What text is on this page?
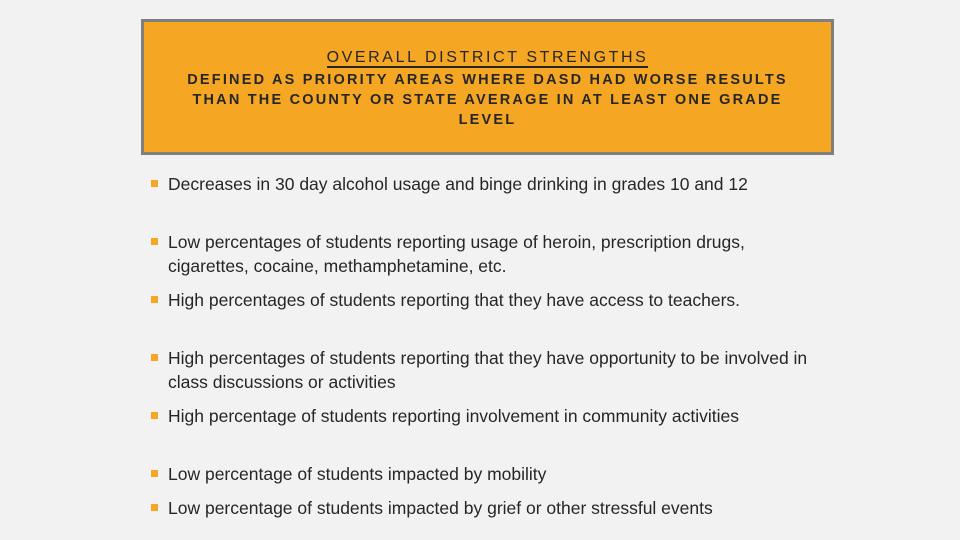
OVERALL DISTRICT STRENGTHS
DEFINED AS PRIORITY AREAS WHERE DASD HAD WORSE RESULTS THAN THE COUNTY OR STATE AVERAGE IN AT LEAST ONE GRADE LEVEL
Decreases in 30 day alcohol usage and binge drinking in grades 10 and 12
Low percentages of students reporting usage of heroin, prescription drugs, cigarettes, cocaine, methamphetamine, etc.
High percentages of students reporting that they have access to teachers.
High percentages of students reporting that they have opportunity to be involved in class discussions or activities
High percentage of students reporting involvement in community activities
Low percentage of students impacted by mobility
Low percentage of students impacted by grief or other stressful events
